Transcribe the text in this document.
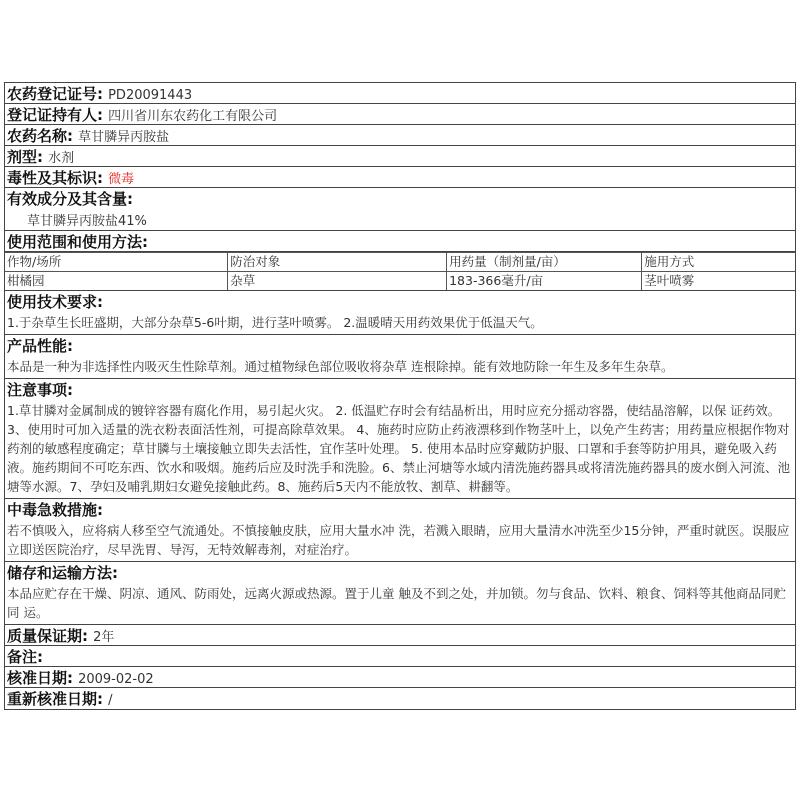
农药登记证号: PD20091443
登记证持有人: 四川省川东农药化工有限公司
农药名称: 草甘膦异丙胺盐
剂型: 水剂
毒性及其标识: 微毒
有效成分及其含量:
草甘膦异丙胺盐41%
使用范围和使用方法:
作物/场所	防治对象	用药量（制剂量/亩）	施用方式
柑橘园	杂草	183-366毫升/亩	茎叶喷雾
使用技术要求:
1.于杂草生长旺盛期，大部分杂草5-6叶期，进行茎叶喷雾。 2.温暖晴天用药效果优于低温天气。
产品性能:
本品是一种为非选择性内吸灭生性除草剂。通过植物绿色部位吸收将杂草 连根除掉。能有效地防除一年生及多年生杂草。
注意事项:
1.草甘膦对金属制成的镀锌容器有腐化作用，易引起火灾。 2. 低温贮存时会有结晶析出，用时应充分摇动容器，使结晶溶解，以保 证药效。 3、使用时可加入适量的洗衣粉表面活性剂，可提高除草效果。 4、施药时应防止药液漂移到作物茎叶上，以免产生药害；用药量应根据作物对药剂的敏感程度确定；草甘膦与土壤接触立即失去活性，宜作茎叶处理。 5. 使用本品时应穿戴防护服、口罩和手套等防护用具，避免吸入药液。施药期间不可吃东西、饮水和吸烟。施药后应及时洗手和洗脸。6、禁止河塘等水域内清洗施药器具或将清洗施药器具的废水倒入河流、池塘等水源。7、孕妇及哺乳期妇女避免接触此药。8、施药后5天内不能放牧、割草、耕翻等。
中毒急救措施:
若不慎吸入，应将病人移至空气流通处。不慎接触皮肤，应用大量水冲 洗，若溅入眼睛，应用大量清水冲洗至少15分钟，严重时就医。误服应立即送医院治疗，尽早洗胃、导泻，无特效解毒剂，对症治疗。
储存和运输方法:
本品应贮存在干燥、阴凉、通风、防雨处，远离火源或热源。置于儿童 触及不到之处，并加锁。勿与食品、饮料、粮食、饲料等其他商品同贮同 运。
质量保证期: 2年
备注:
核准日期: 2009-02-02
重新核准日期: /
